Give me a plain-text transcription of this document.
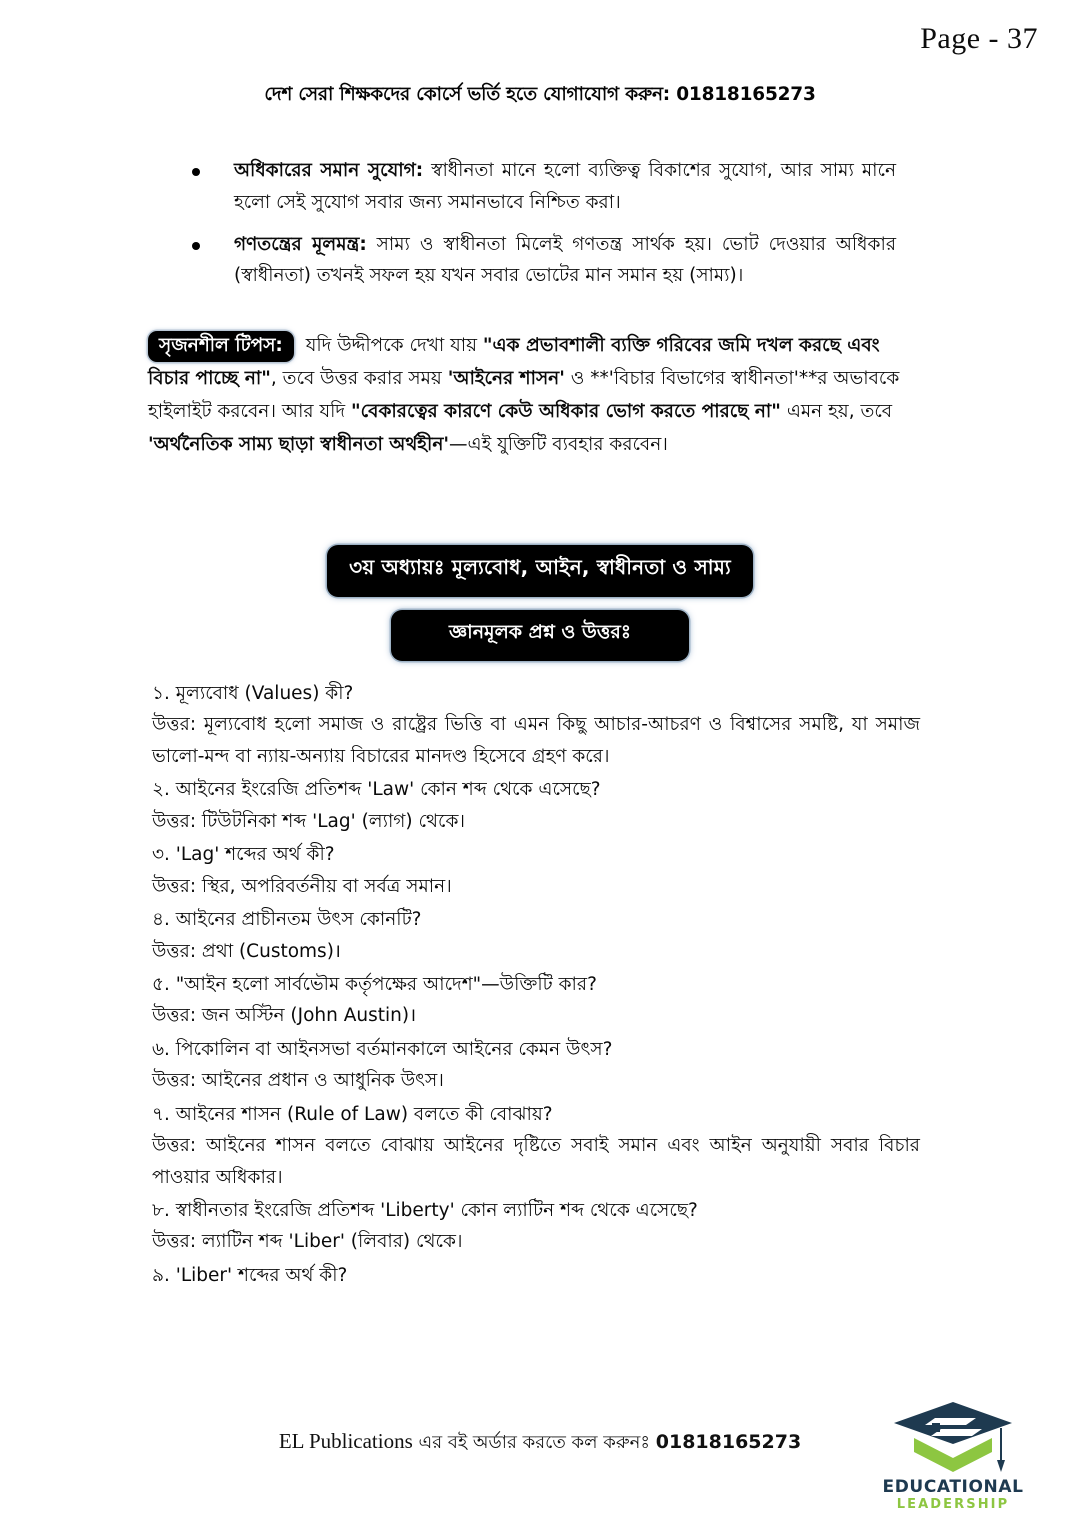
Page - 37
দেশ সেরা শিক্ষকদের কোর্সে ভর্তি হতে যোগাযোগ করুন: 01818165273
অধিকারের সমান সুযোগ: স্বাধীনতা মানে হলো ব্যক্তিত্ব বিকাশের সুযোগ, আর সাম্য মানে হলো সেই সুযোগ সবার জন্য সমানভাবে নিশ্চিত করা।
গণতন্ত্রের মূলমন্ত্র: সাম্য ও স্বাধীনতা মিলেই গণতন্ত্র সার্থক হয়। ভোট দেওয়ার অধিকার (স্বাধীনতা) তখনই সফল হয় যখন সবার ভোটের মান সমান হয় (সাম্য)।
সৃজনশীল টিপস: যদি উদ্দীপকে দেখা যায় "এক প্রভাবশালী ব্যক্তি গরিবের জমি দখল করছে এবং বিচার পাচ্ছে না", তবে উত্তর করার সময় 'আইনের শাসন' ও **'বিচার বিভাগের স্বাধীনতা'**র অভাবকে হাইলাইট করবেন। আর যদি "বেকারত্বের কারণে কেউ অধিকার ভোগ করতে পারছে না" এমন হয়, তবে 'অর্থনৈতিক সাম্য ছাড়া স্বাধীনতা অর্থহীন'—এই যুক্তিটি ব্যবহার করবেন।
৩য় অধ্যায়ঃ মূল্যবোধ, আইন, স্বাধীনতা ও সাম্য
জ্ঞানমূলক প্রশ্ন ও উত্তরঃ

১. মূল্যবোধ (Values) কী?

উত্তর: মূল্যবোধ হলো সমাজ ও রাষ্ট্রের ভিত্তি বা এমন কিছু আচার-আচরণ ও বিশ্বাসের সমষ্টি, যা সমাজ ভালো-মন্দ বা ন্যায়-অন্যায় বিচারের মানদণ্ড হিসেবে গ্রহণ করে।

২. আইনের ইংরেজি প্রতিশব্দ 'Law' কোন শব্দ থেকে এসেছে?

উত্তর: টিউটনিকা শব্দ 'Lag' (ল্যাগ) থেকে।

৩. 'Lag' শব্দের অর্থ কী?

উত্তর: স্থির, অপরিবর্তনীয় বা সর্বত্র সমান।

৪. আইনের প্রাচীনতম উৎস কোনটি?

উত্তর: প্রথা (Customs)।

৫. "আইন হলো সার্বভৌম কর্তৃপক্ষের আদেশ"—উক্তিটি কার?

উত্তর: জন অস্টিন (John Austin)।

৬. পিকোলিন বা আইনসভা বর্তমানকালে আইনের কেমন উৎস?

উত্তর: আইনের প্রধান ও আধুনিক উৎস।

৭. আইনের শাসন (Rule of Law) বলতে কী বোঝায়?

উত্তর: আইনের শাসন বলতে বোঝায় আইনের দৃষ্টিতে সবাই সমান এবং আইন অনুযায়ী সবার বিচার পাওয়ার অধিকার।

৮. স্বাধীনতার ইংরেজি প্রতিশব্দ 'Liberty' কোন ল্যাটিন শব্দ থেকে এসেছে?

উত্তর: ল্যাটিন শব্দ 'Liber' (লিবার) থেকে।

৯. 'Liber' শব্দের অর্থ কী?

EL Publications এর বই অর্ডার করতে কল করুনঃ 01818165273
EDUCATIONAL
LEADERSHIP
